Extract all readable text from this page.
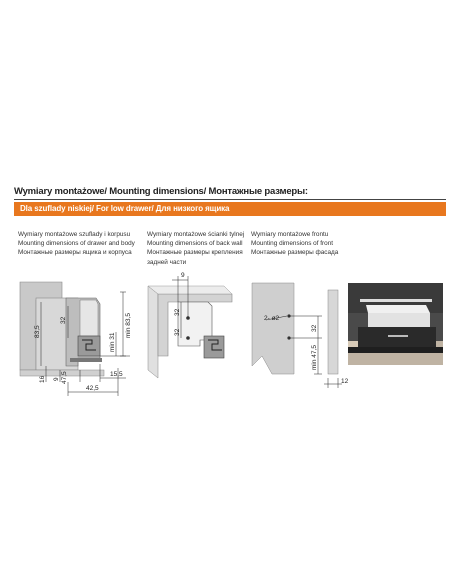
Wymiary montażowe/ Mounting dimensions/ Монтажные размеры:
Dla szuflady niskiej/ For low drawer/ Для низкого ящика
Wymiary montażowe szuflady i korpusu
Mounting dimensions of drawer and body
Монтажные размеры ящика и корпуса
Wymiary montażowe ścianki tylnej
Mounting dimensions of back wall
Монтажные размеры крепления
задней части
Wymiary montażowe frontu
Mounting dimensions of front
Монтажные размеры фасада
83,5
32	min 83,5
min 31
16 9 47,5	15,5
42,5
9
32
32
2- ø2
32
min 47,5
12
